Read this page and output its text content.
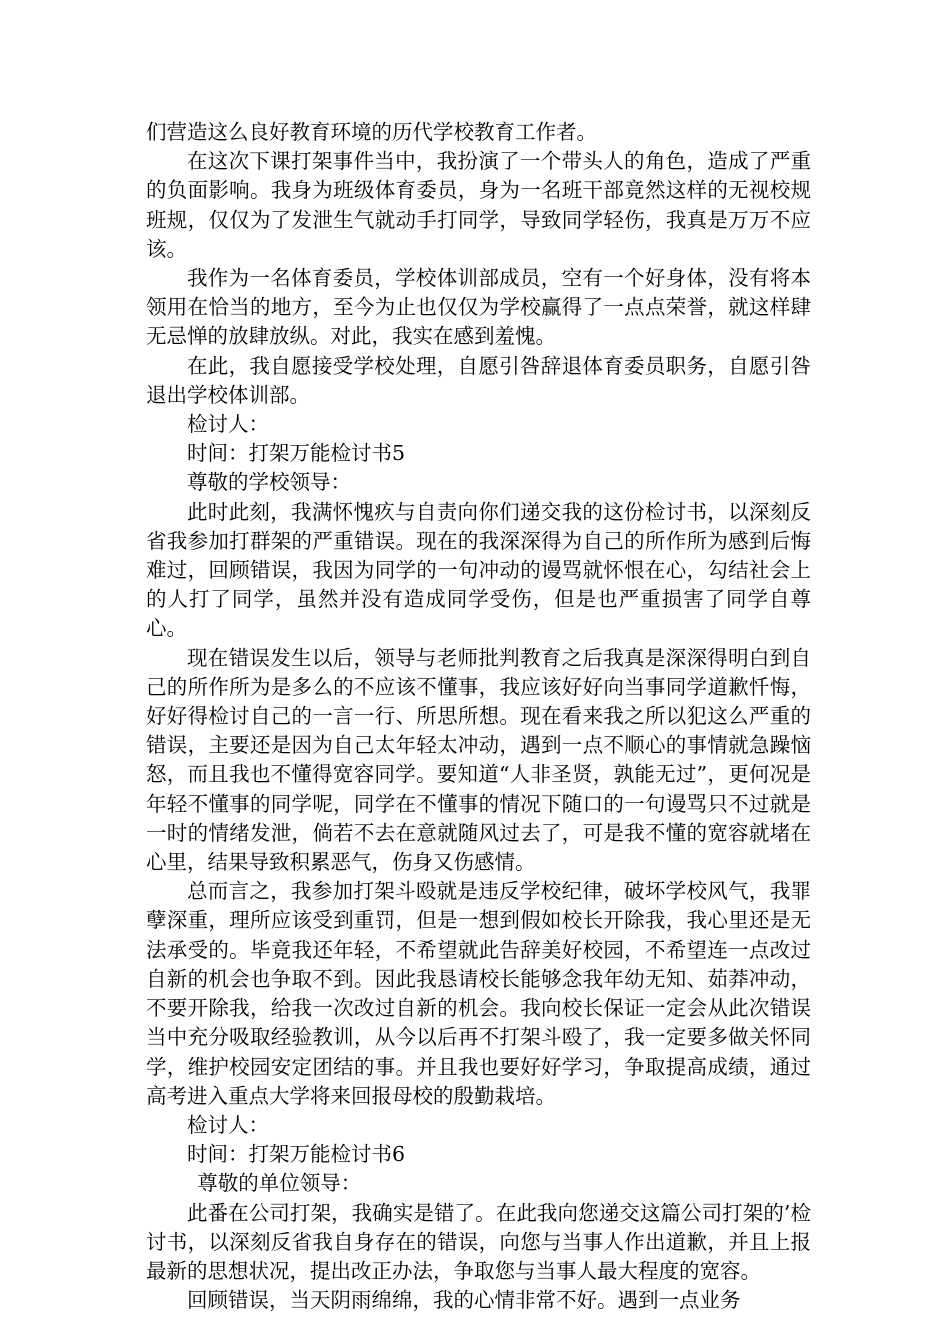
们营造这么良好教育环境的历代学校教育工作者。

在这次下课打架事件当中，我扮演了一个带头人的角色，造成了严重的负面影响。我身为班级体育委员，身为一名班干部竟然这样的无视校规班规，仅仅为了发泄生气就动手打同学，导致同学轻伤，我真是万万不应该。

我作为一名体育委员，学校体训部成员，空有一个好身体，没有将本领用在恰当的地方，至今为止也仅仅为学校赢得了一点点荣誉，就这样肆无忌惮的放肆放纵。对此，我实在感到羞愧。

在此，我自愿接受学校处理，自愿引咎辞退体育委员职务，自愿引咎退出学校体训部。

检讨人：

时间：打架万能检讨书5

尊敬的学校领导：

此时此刻，我满怀愧疚与自责向你们递交我的这份检讨书，以深刻反省我参加打群架的严重错误。现在的我深深得为自己的所作所为感到后悔难过，回顾错误，我因为同学的一句冲动的谩骂就怀恨在心，勾结社会上的人打了同学，虽然并没有造成同学受伤，但是也严重损害了同学自尊心。

现在错误发生以后，领导与老师批判教育之后我真是深深得明白到自己的所作所为是多么的不应该不懂事，我应该好好向当事同学道歉忏悔，好好得检讨自己的一言一行、所思所想。现在看来我之所以犯这么严重的错误，主要还是因为自己太年轻太冲动，遇到一点不顺心的事情就急躁恼怒，而且我也不懂得宽容同学。要知道“人非圣贤，孰能无过”，更何况是年轻不懂事的同学呢，同学在不懂事的情况下随口的一句谩骂只不过就是一时的情绪发泄，倘若不去在意就随风过去了，可是我不懂的宽容就堵在心里，结果导致积累恶气，伤身又伤感情。

总而言之，我参加打架斗殴就是违反学校纪律，破坏学校风气，我罪孽深重，理所应该受到重罚，但是一想到假如校长开除我，我心里还是无法承受的。毕竟我还年轻，不希望就此告辞美好校园，不希望连一点改过自新的机会也争取不到。因此我恳请校长能够念我年幼无知、茹莽冲动，不要开除我，给我一次改过自新的机会。我向校长保证一定会从此次错误当中充分吸取经验教训，从今以后再不打架斗殴了，我一定要多做关怀同学，维护校园安定团结的事。并且我也要好好学习，争取提高成绩，通过高考进入重点大学将来回报母校的殷勤栽培。

检讨人：

时间：打架万能检讨书6

尊敬的单位领导：

此番在公司打架，我确实是错了。在此我向您递交这篇公司打架的’检讨书，以深刻反省我自身存在的错误，向您与当事人作出道歉，并且上报最新的思想状况，提出改正办法，争取您与当事人最大程度的宽容。

回顾错误，当天阴雨绵绵，我的心情非常不好。遇到一点业务
